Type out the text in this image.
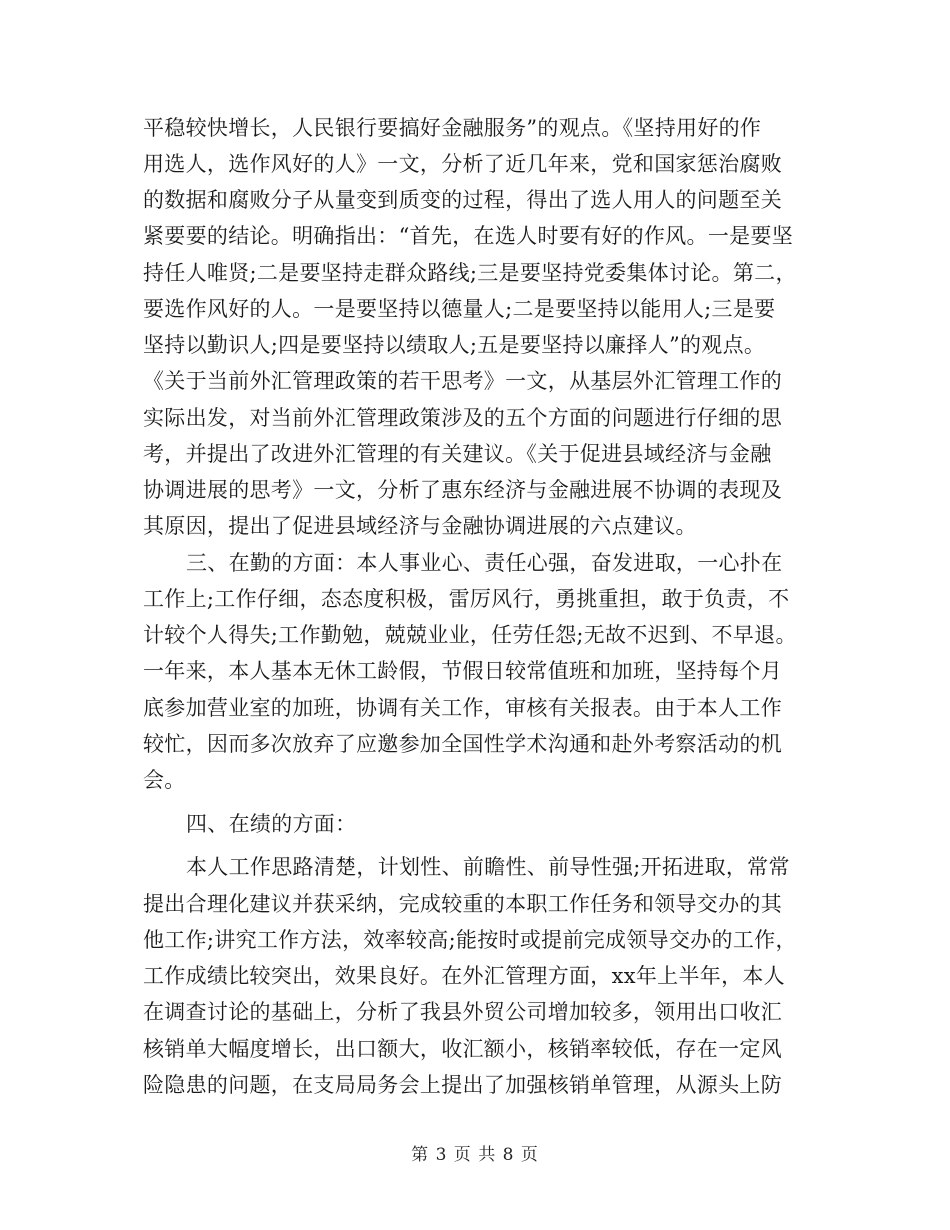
平稳较快增长，人民银行要搞好金融服务”的观点。《坚持用好的作
用选人，选作风好的人》一文，分析了近几年来，党和国家惩治腐败
的数据和腐败分子从量变到质变的过程，得出了选人用人的问题至关
紧要要的结论。明确指出：“首先，在选人时要有好的作风。一是要坚
持任人唯贤;二是要坚持走群众路线;三是要坚持党委集体讨论。第二，
要选作风好的人。一是要坚持以德量人;二是要坚持以能用人;三是要
坚持以勤识人;四是要坚持以绩取人;五是要坚持以廉择人”的观点。
《关于当前外汇管理政策的若干思考》一文，从基层外汇管理工作的
实际出发，对当前外汇管理政策涉及的五个方面的问题进行仔细的思
考，并提出了改进外汇管理的有关建议。《关于促进县域经济与金融
协调进展的思考》一文，分析了惠东经济与金融进展不协调的表现及
其原因，提出了促进县域经济与金融协调进展的六点建议。
三、在勤的方面：本人事业心、责任心强，奋发进取，一心扑在
工作上;工作仔细，态态度积极，雷厉风行，勇挑重担，敢于负责，不
计较个人得失;工作勤勉，兢兢业业，任劳任怨;无故不迟到、不早退。
一年来，本人基本无休工龄假，节假日较常值班和加班，坚持每个月
底参加营业室的加班，协调有关工作，审核有关报表。由于本人工作
较忙，因而多次放弃了应邀参加全国性学术沟通和赴外考察活动的机
会。
四、在绩的方面：
本人工作思路清楚，计划性、前瞻性、前导性强;开拓进取，常常
提出合理化建议并获采纳，完成较重的本职工作任务和领导交办的其
他工作;讲究工作方法，效率较高;能按时或提前完成领导交办的工作，
工作成绩比较突出，效果良好。在外汇管理方面，xx年上半年，本人
在调查讨论的基础上，分析了我县外贸公司增加较多，领用出口收汇
核销单大幅度增长，出口额大，收汇额小，核销率较低，存在一定风
险隐患的问题，在支局局务会上提出了加强核销单管理，从源头上防
第 3 页 共 8 页
